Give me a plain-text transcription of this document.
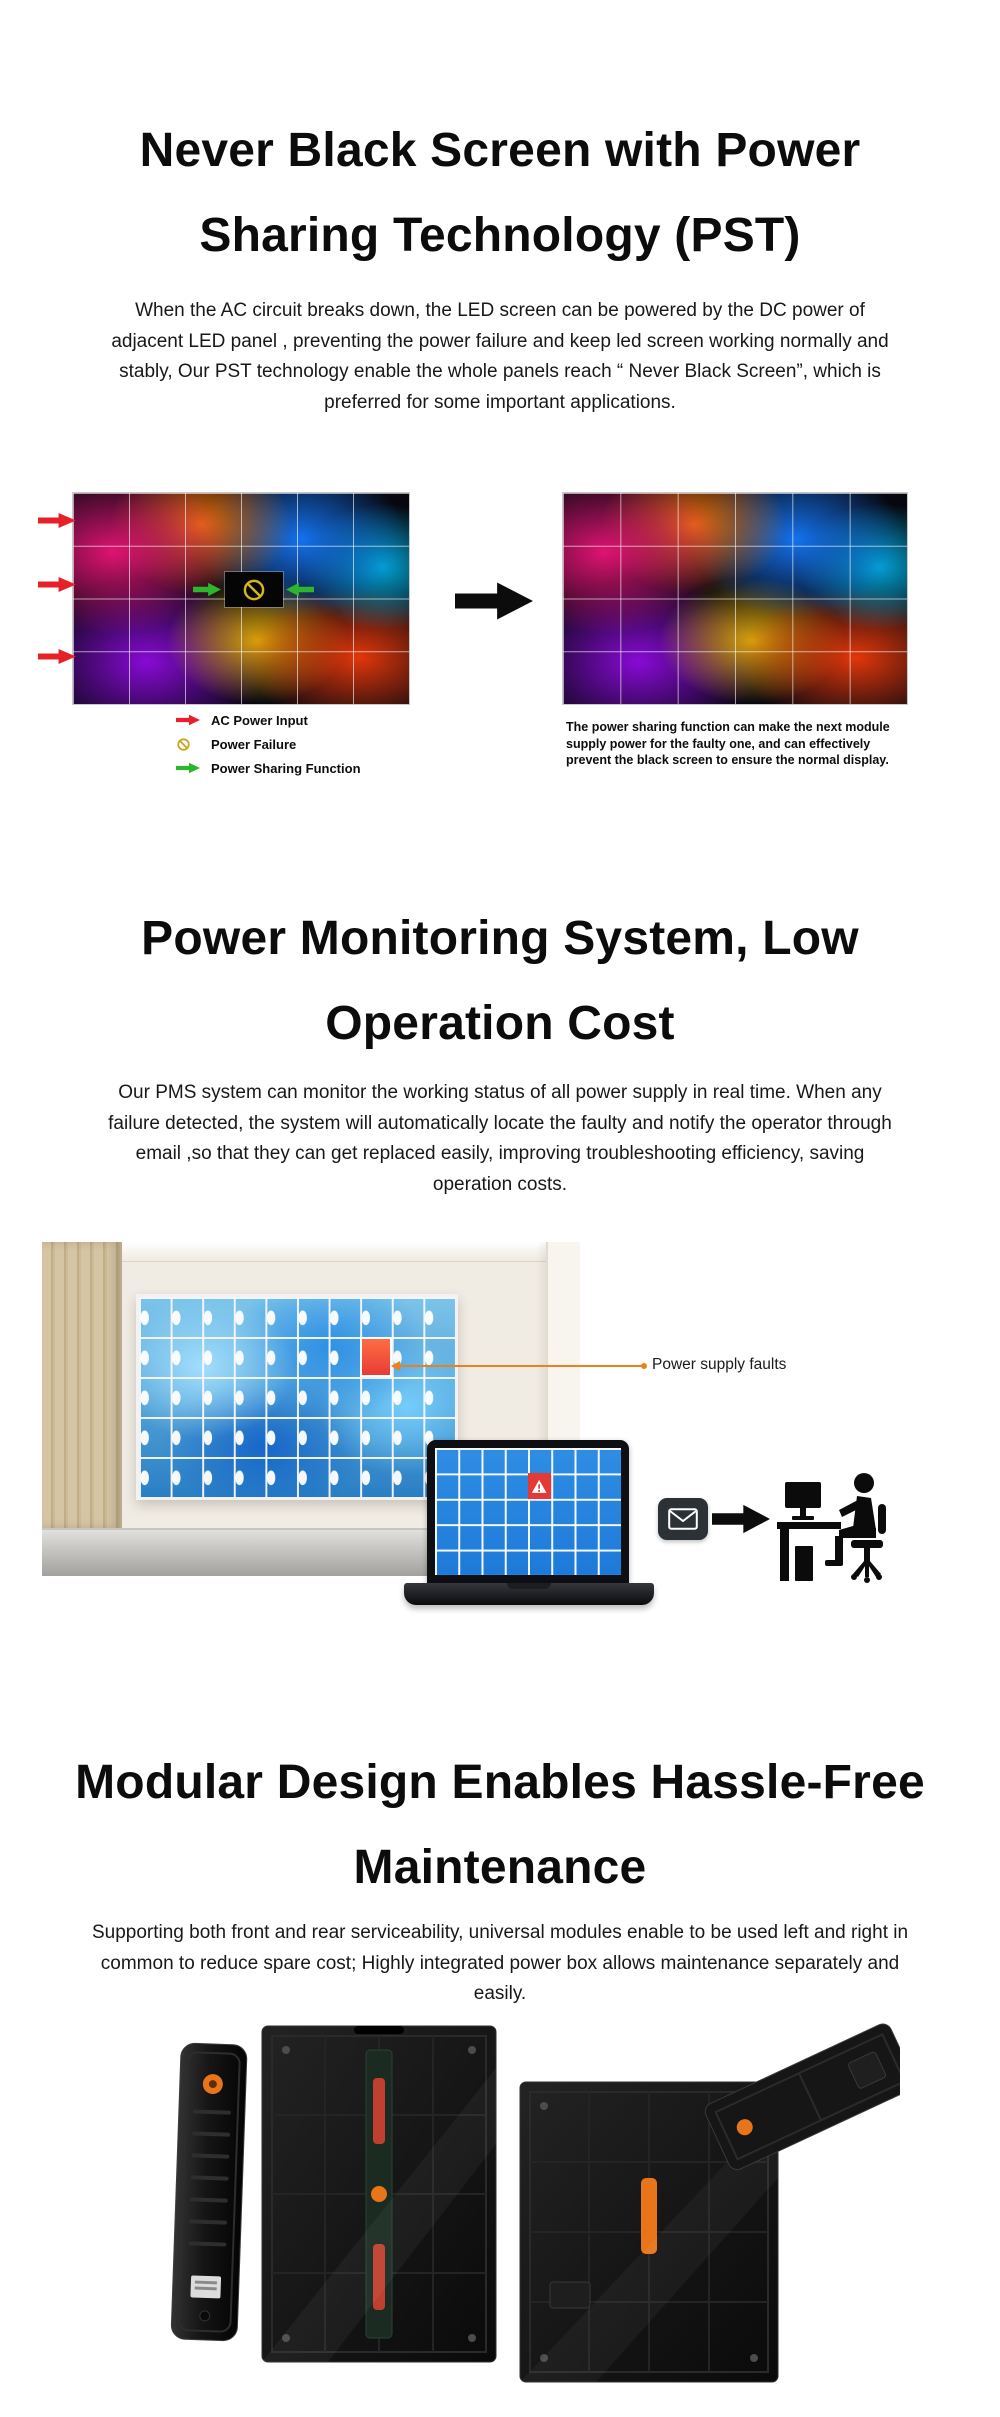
Never Black Screen with Power
Sharing Technology (PST)

When the AC circuit breaks down, the LED screen can be powered by the DC power of adjacent LED panel , preventing the power failure and keep led screen working normally and stably, Our PST technology enable the whole panels reach “ Never Black Screen”, which is preferred for some important applications.

AC Power Input
Power Failure
Power Sharing Function

The power sharing function can make the next module supply power for the faulty one, and can effectively prevent the black screen to ensure the normal display.

Power Monitoring System, Low
Operation Cost

Our PMS system can monitor the working status of all power supply in real time. When any failure detected, the system will automatically locate the faulty and notify the operator through email ,so that they can get replaced easily, improving troubleshooting efficiency, saving operation costs.

Power supply faults
Modular Design Enables Hassle-Free
Maintenance

Supporting both front and rear serviceability, universal modules enable to be used left and right in common to reduce spare cost; Highly integrated power box allows maintenance separately and easily.
